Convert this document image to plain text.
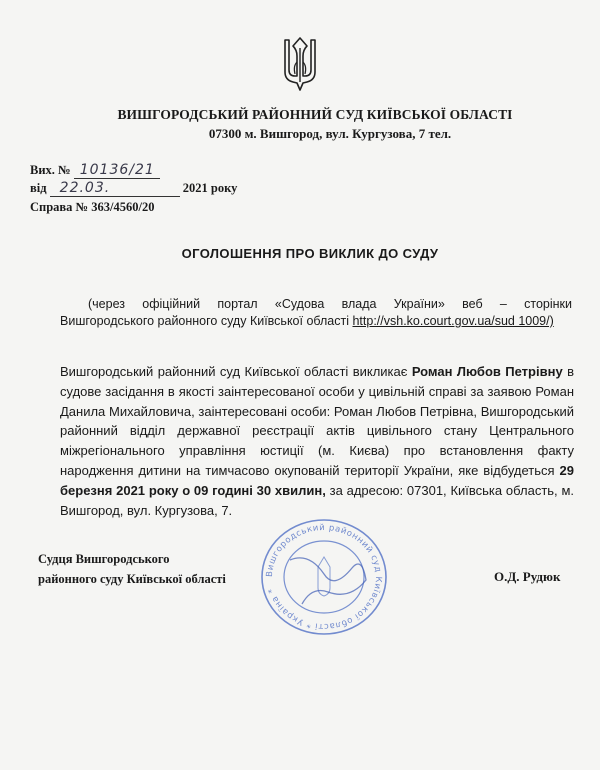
ВИШГОРОДСЬКИЙ РАЙОННИЙ СУД КИЇВСЬКОЇ ОБЛАСТІ
07300 м. Вишгород, вул. Кургузова, 7 тел.
Вих. № 10136/21
від 22.03.	2021 року
Справа № 363/4560/20
ОГОЛОШЕННЯ ПРО ВИКЛИК ДО СУДУ
(через офіційний портал «Судова влада України» веб – сторінки
Вишгородського районного суду Київської області http://vsh.ko.court.gov.ua/sud 1009/)
Вишгородський районний суд Київської області викликає Роман Любов Петрівну в судове засідання в якості заінтересованої особи у цивільній справі за заявою Роман Данила Михайловича, заінтересовані особи: Роман Любов Петрівна, Вишгородський районний відділ державної реєстрації актів цивільного стану Центрального міжрегіонального управління юстиції (м. Києва) про встановлення факту народження дитини на тимчасово окупованій території України, яке відбудеться 29 березня 2021 року о 09 годині 30 хвилин, за адресою: 07301, Київська область, м. Вишгород, вул. Кургузова, 7.
Вишгородський районний суд Київської області * Україна *
Судця Вишгородського
районного суду Київської області	О.Д. Рудюк
